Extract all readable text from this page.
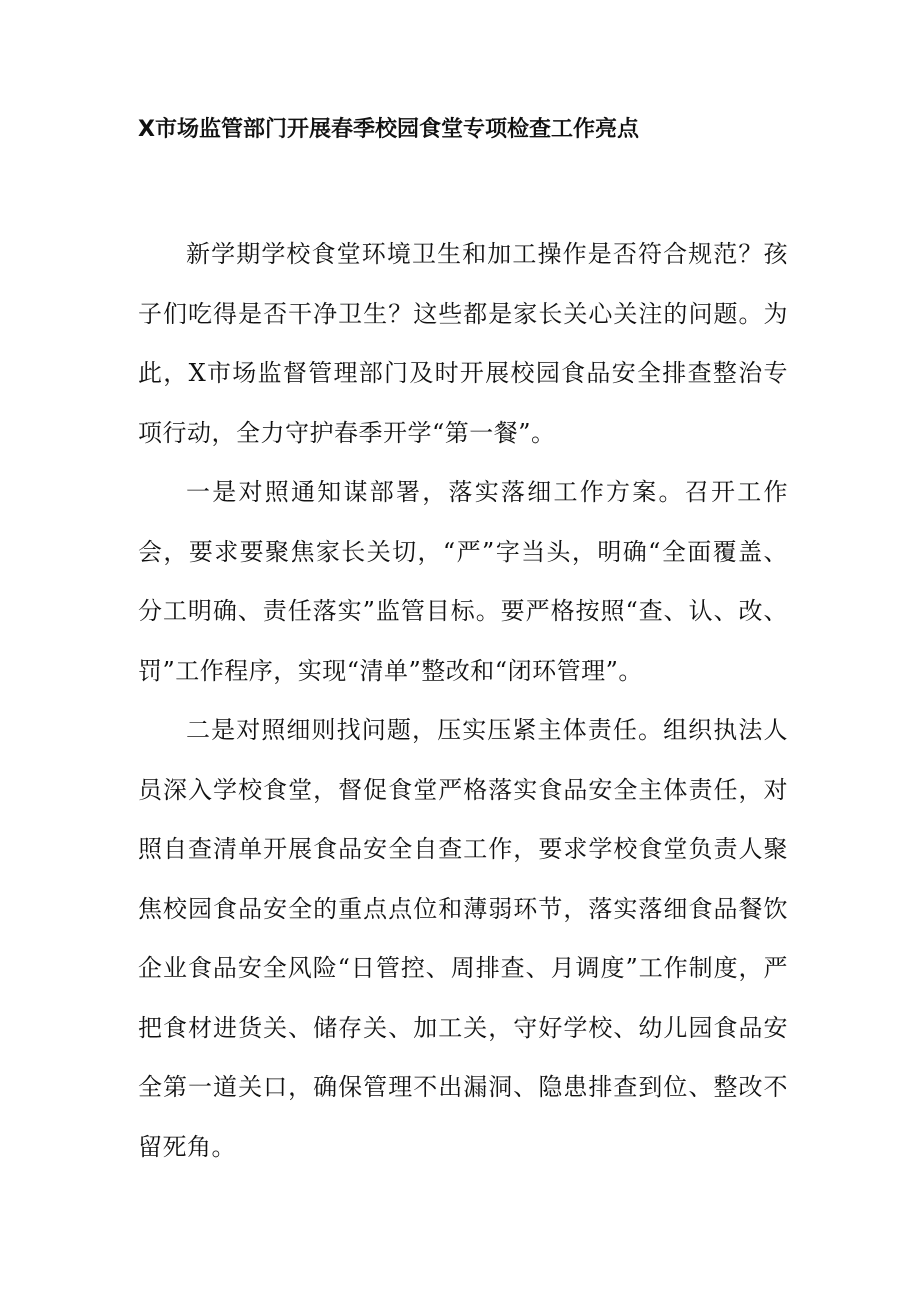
X市场监管部门开展春季校园食堂专项检查工作亮点

新学期学校食堂环境卫生和加工操作是否符合规范？孩子们吃得是否干净卫生？这些都是家长关心关注的问题。为此，X市场监督管理部门及时开展校园食品安全排查整治专项行动，全力守护春季开学“第一餐”。

一是对照通知谋部署，落实落细工作方案。召开工作会，要求要聚焦家长关切，“严”字当头，明确“全面覆盖、分工明确、责任落实”监管目标。要严格按照“查、认、改、罚”工作程序，实现“清单”整改和“闭环管理”。

二是对照细则找问题，压实压紧主体责任。组织执法人员深入学校食堂，督促食堂严格落实食品安全主体责任，对照自查清单开展食品安全自查工作，要求学校食堂负责人聚焦校园食品安全的重点点位和薄弱环节，落实落细食品餐饮企业食品安全风险“日管控、周排查、月调度”工作制度，严把食材进货关、储存关、加工关，守好学校、幼儿园食品安全第一道关口，确保管理不出漏洞、隐患排查到位、整改不留死角。
